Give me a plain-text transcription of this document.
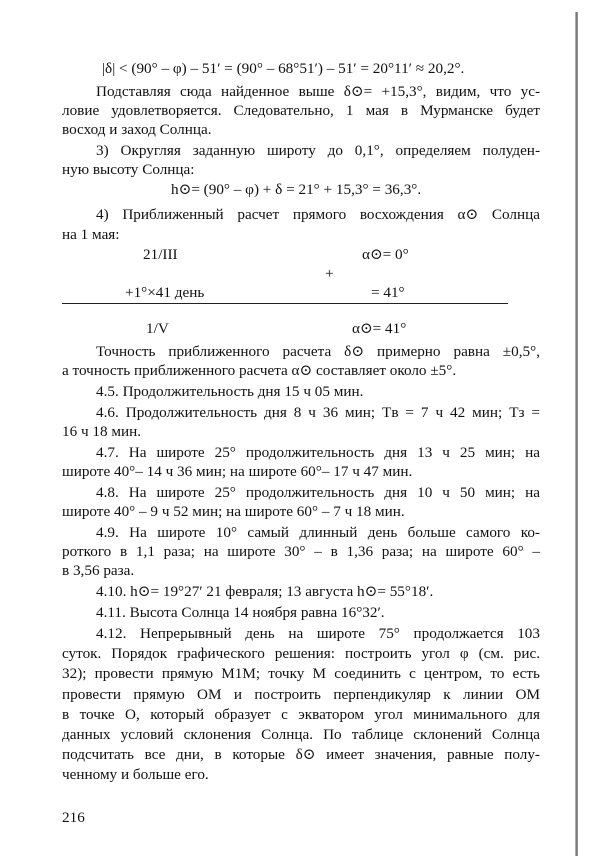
|δ| < (90° – φ) – 51′ = (90° – 68°51′) – 51′ = 20°11′ ≈ 20,2°.
Подставляя сюда найденное выше δ⊙= +15,3°, видим, что ус-
ловие удовлетворяется. Следовательно, 1 мая в Мурманске будет
восход и заход Солнца.
3) Округляя заданную широту до 0,1°, определяем полуден-
ную высоту Солнца:
h⊙= (90° – φ) + δ = 21° + 15,3° = 36,3°.
4) Приближенный расчет прямого восхождения α⊙ Солнца
на 1 мая:
Точность приближенного расчета δ⊙ примерно равна ±0,5°,
а точность приближенного расчета α⊙ составляет около ±5°.
4.5. Продолжительность дня 15 ч 05 мин.
4.6. Продолжительность дня 8 ч 36 мин; Tв = 7 ч 42 мин; Tз =
16 ч 18 мин.
4.7. На широте 25° продолжительность дня 13 ч 25 мин; на
широте 40°– 14 ч 36 мин; на широте 60°– 17 ч 47 мин.
4.8. На широте 25° продолжительность дня 10 ч 50 мин; на
широте 40° – 9 ч 52 мин; на широте 60° – 7 ч 18 мин.
4.9. На широте 10° самый длинный день больше самого ко-
роткого в 1,1 раза; на широте 30° – в 1,36 раза; на широте 60° –
в 3,56 раза.
4.10. h⊙= 19°27′ 21 февраля; 13 августа h⊙= 55°18′.
4.11. Высота Солнца 14 ноября равна 16°32′.
4.12. Непрерывный день на широте 75° продолжается 103
суток. Порядок графического решения: построить угол φ (см. рис.
32); провести прямую M1M; точку M соединить с центром, то есть
провести прямую ОМ и построить перпендикуляр к линии OM
в точке O, который образует с экватором угол минимального для
данных условий склонения Солнца. По таблице склонений Солнца
подсчитать все дни, в которые δ⊙ имеет значения, равные полу-
ченному и больше его.
21/III	α⊙= 0°
+
+1°×41 день	= 41°
1/V	α⊙= 41°
216
